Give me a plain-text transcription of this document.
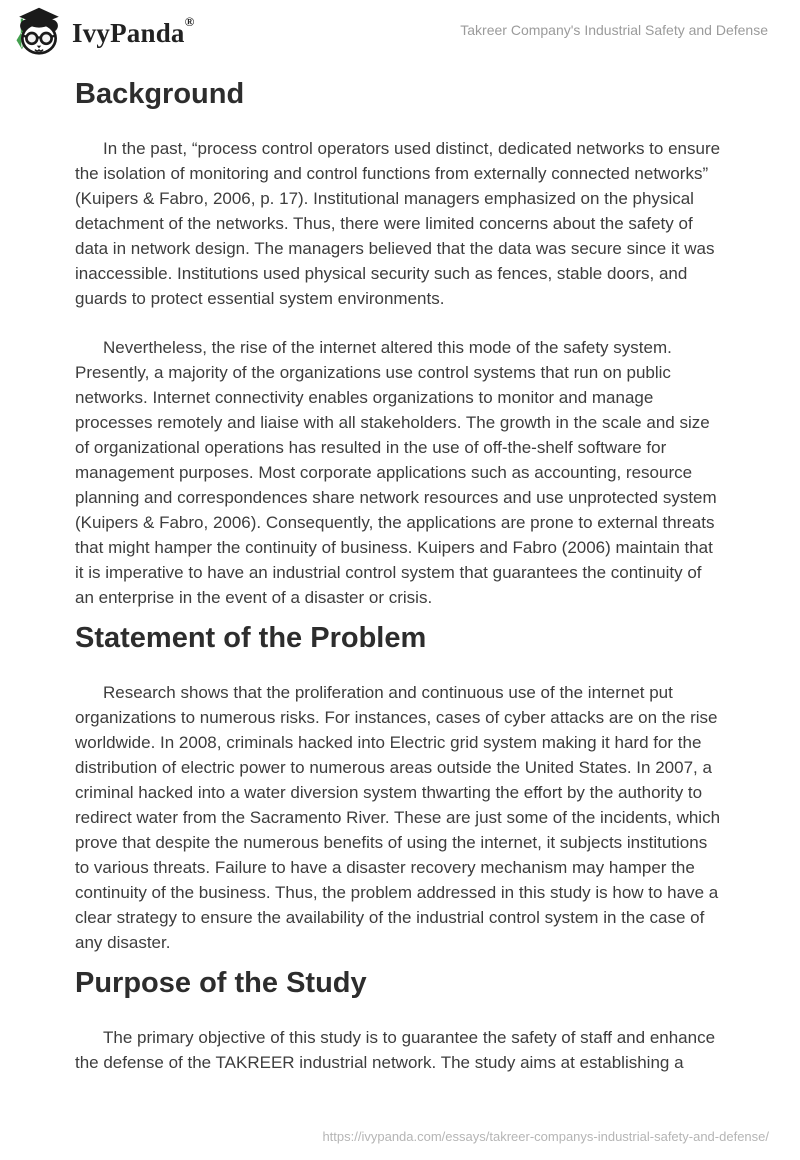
IvyPanda®
Takreer Company's Industrial Safety and Defense
Background

In the past, “process control operators used distinct, dedicated networks to ensure the isolation of monitoring and control functions from externally connected networks” (Kuipers & Fabro, 2006, p. 17). Institutional managers emphasized on the physical detachment of the networks. Thus, there were limited concerns about the safety of data in network design. The managers believed that the data was secure since it was inaccessible. Institutions used physical security such as fences, stable doors, and guards to protect essential system environments.

Nevertheless, the rise of the internet altered this mode of the safety system. Presently, a majority of the organizations use control systems that run on public networks. Internet connectivity enables organizations to monitor and manage processes remotely and liaise with all stakeholders. The growth in the scale and size of organizational operations has resulted in the use of off-the-shelf software for management purposes. Most corporate applications such as accounting, resource planning and correspondences share network resources and use unprotected system (Kuipers & Fabro, 2006). Consequently, the applications are prone to external threats that might hamper the continuity of business. Kuipers and Fabro (2006) maintain that it is imperative to have an industrial control system that guarantees the continuity of an enterprise in the event of a disaster or crisis.

Statement of the Problem

Research shows that the proliferation and continuous use of the internet put organizations to numerous risks. For instances, cases of cyber attacks are on the rise worldwide. In 2008, criminals hacked into Electric grid system making it hard for the distribution of electric power to numerous areas outside the United States. In 2007, a criminal hacked into a water diversion system thwarting the effort by the authority to redirect water from the Sacramento River. These are just some of the incidents, which prove that despite the numerous benefits of using the internet, it subjects institutions to various threats. Failure to have a disaster recovery mechanism may hamper the continuity of the business. Thus, the problem addressed in this study is how to have a clear strategy to ensure the availability of the industrial control system in the case of any disaster.

Purpose of the Study

The primary objective of this study is to guarantee the safety of staff and enhance the defense of the TAKREER industrial network. The study aims at establishing a

https://ivypanda.com/essays/takreer-companys-industrial-safety-and-defense/
